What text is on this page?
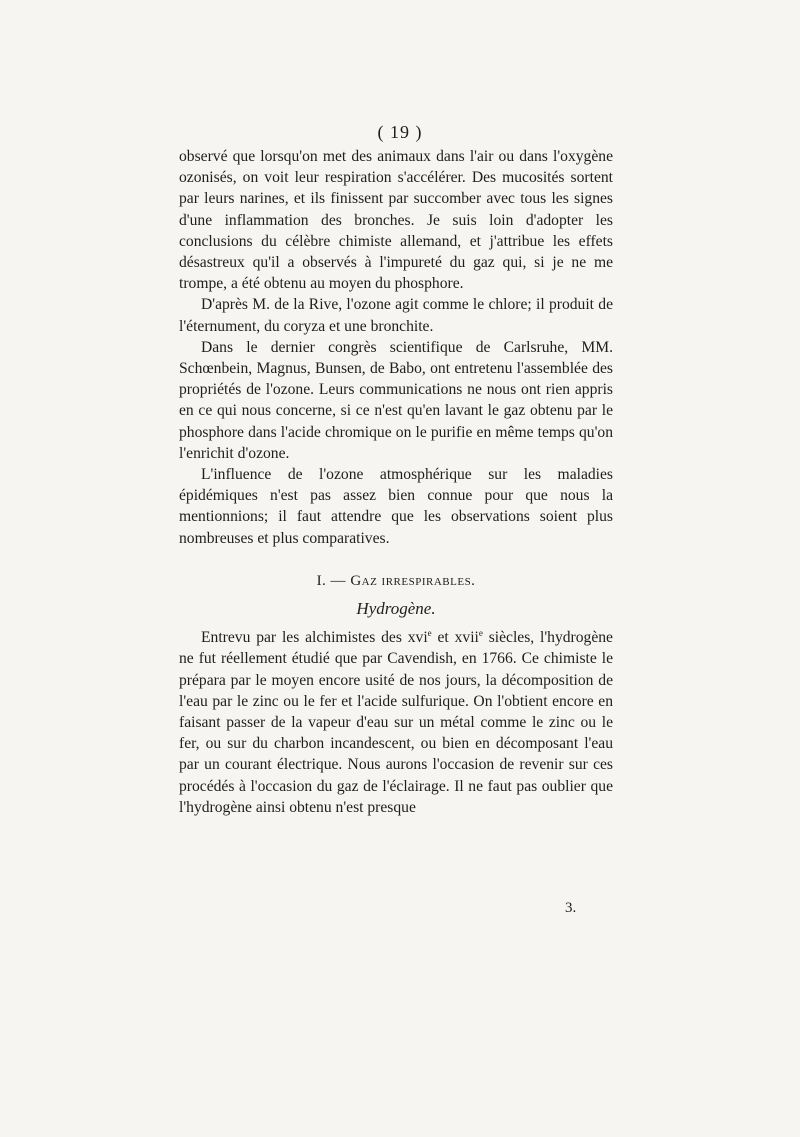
( 19 )

observé que lorsqu'on met des animaux dans l'air ou dans l'oxygène ozonisés, on voit leur respiration s'accélérer. Des mucosités sortent par leurs narines, et ils finissent par succomber avec tous les signes d'une inflammation des bronches. Je suis loin d'adopter les conclusions du célèbre chimiste allemand, et j'attribue les effets désastreux qu'il a observés à l'impureté du gaz qui, si je ne me trompe, a été obtenu au moyen du phosphore.

D'après M. de la Rive, l'ozone agit comme le chlore; il produit de l'éternument, du coryza et une bronchite.

Dans le dernier congrès scientifique de Carlsruhe, MM. Schœnbein, Magnus, Bunsen, de Babo, ont entretenu l'assemblée des propriétés de l'ozone. Leurs communications ne nous ont rien appris en ce qui nous concerne, si ce n'est qu'en lavant le gaz obtenu par le phosphore dans l'acide chromique on le purifie en même temps qu'on l'enrichit d'ozone.

L'influence de l'ozone atmosphérique sur les maladies épidémiques n'est pas assez bien connue pour que nous la mentionnions; il faut attendre que les observations soient plus nombreuses et plus comparatives.

I. — Gaz irrespirables.
Hydrogène.

Entrevu par les alchimistes des xvi$^e$ et xvii$^e$ siècles, l'hydrogène ne fut réellement étudié que par Cavendish, en 1766. Ce chimiste le prépara par le moyen encore usité de nos jours, la décomposition de l'eau par le zinc ou le fer et l'acide sulfurique. On l'obtient encore en faisant passer de la vapeur d'eau sur un métal comme le zinc ou le fer, ou sur du charbon incandescent, ou bien en décomposant l'eau par un courant électrique. Nous aurons l'occasion de revenir sur ces procédés à l'occasion du gaz de l'éclairage. Il ne faut pas oublier que l'hydrogène ainsi obtenu n'est presque

3.
